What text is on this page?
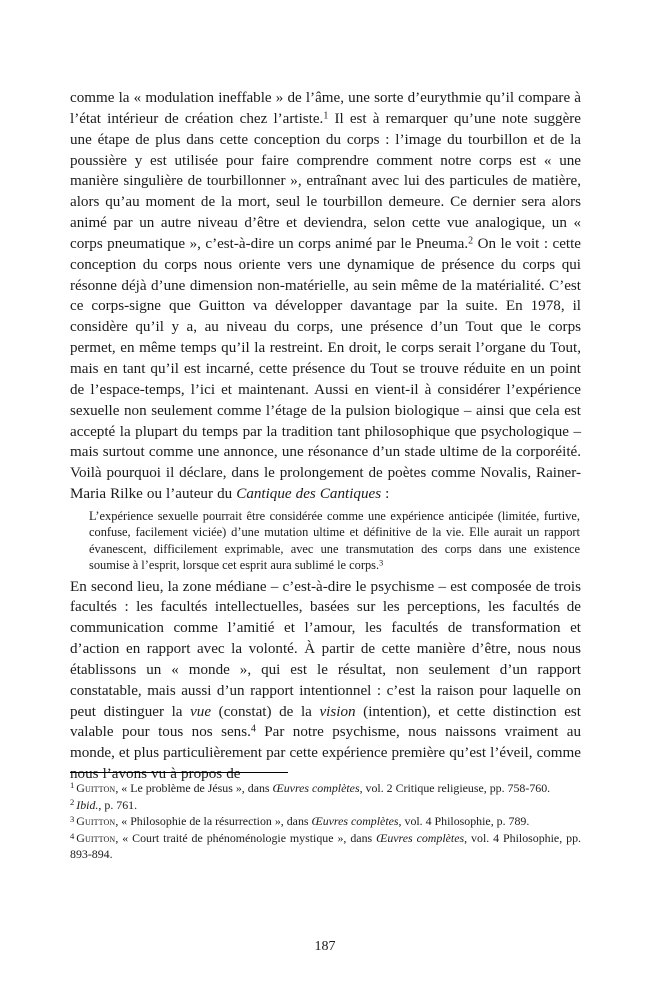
comme la « modulation ineffable » de l’âme, une sorte d’eurythmie qu’il compare à l’état intérieur de création chez l’artiste.$^1$ Il est à remarquer qu’une note suggère une étape de plus dans cette conception du corps : l’image du tourbillon et de la poussière y est utilisée pour faire comprendre comment notre corps est « une manière singulière de tourbillonner », entraînant avec lui des particules de matière, alors qu’au moment de la mort, seul le tourbillon demeure. Ce dernier sera alors animé par un autre niveau d’être et deviendra, selon cette vue analogique, un « corps pneumatique », c’est-à-dire un corps animé par le Pneuma.$^2$ On le voit : cette conception du corps nous oriente vers une dynamique de présence du corps qui résonne déjà d’une dimension non-matérielle, au sein même de la matérialité. C’est ce corps-signe que Guitton va développer davantage par la suite. En 1978, il considère qu’il y a, au niveau du corps, une présence d’un Tout que le corps permet, en même temps qu’il la restreint. En droit, le corps serait l’organe du Tout, mais en tant qu’il est incarné, cette présence du Tout se trouve réduite en un point de l’espace-temps, l’ici et maintenant. Aussi en vient-il à considérer l’expérience sexuelle non seulement comme l’étage de la pulsion biologique – ainsi que cela est accepté la plupart du temps par la tradition tant philosophique que psychologique – mais surtout comme une annonce, une résonance d’un stade ultime de la corporéité. Voilà pourquoi il déclare, dans le prolongement de poètes comme Novalis, Rainer-Maria Rilke ou l’auteur du Cantique des Cantiques :

L’expérience sexuelle pourrait être considérée comme une expérience anticipée (limitée, furtive, confuse, facilement viciée) d’une mutation ultime et définitive de la vie. Elle aurait un rapport évanescent, difficilement exprimable, avec une transmutation des corps dans une existence soumise à l’esprit, lorsque cet esprit aura sublimé le corps.$^3$

En second lieu, la zone médiane – c’est-à-dire le psychisme – est composée de trois facultés : les facultés intellectuelles, basées sur les perceptions, les facultés de communication comme l’amitié et l’amour, les facultés de transformation et d’action en rapport avec la volonté. À partir de cette manière d’être, nous nous établissons un « monde », qui est le résultat, non seulement d’un rapport constatable, mais aussi d’un rapport intentionnel : c’est la raison pour laquelle on peut distinguer la vue (constat) de la vision (intention), et cette distinction est valable pour tous nos sens.$^4$ Par notre psychisme, nous naissons vraiment au monde, et plus particulièrement par cette expérience première qu’est l’éveil, comme nous l’avons vu à propos de

$^1$ Guitton, « Le problème de Jésus », dans Œuvres complètes, vol. 2 Critique religieuse, pp. 758-760.

$^2$ Ibid., p. 761.

$^3$ Guitton, « Philosophie de la résurrection », dans Œuvres complètes, vol. 4 Philosophie, p. 789.

$^4$ Guitton, « Court traité de phénoménologie mystique », dans Œuvres complètes, vol. 4 Philosophie, pp. 893-894.

187
